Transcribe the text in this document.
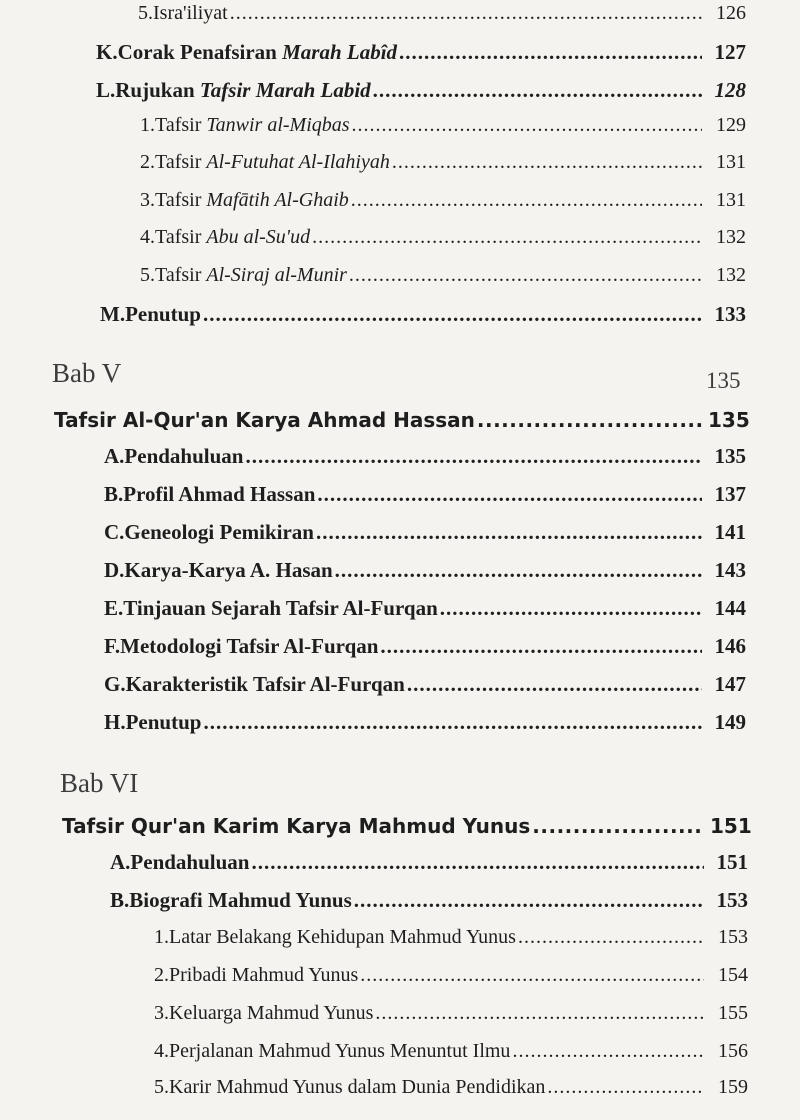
5. Isra'iliyat .....	126
K. Corak Penafsiran Marah Labîd .....	127
L. Rujukan Tafsir Marah Labid .....	128
1. Tafsir Tanwir al-Miqbas .....	129
2. Tafsir Al-Futuhat Al-Ilahiyah .....	131
3. Tafsir Mafātih Al-Ghaib .....	131
4. Tafsir Abu al-Su'ud .....	132
5. Tafsir Al-Siraj al-Munir .....	132
M. Penutup .....	133
Bab V	135
Tafsir Al-Qur'an Karya Ahmad Hassan .....	135
A. Pendahuluan .....	135
B. Profil Ahmad Hassan .....	137
C. Geneologi Pemikiran .....	141
D. Karya-Karya A. Hasan .....	143
E. Tinjauan Sejarah Tafsir Al-Furqan .....	144
F. Metodologi Tafsir Al-Furqan .....	146
G. Karakteristik Tafsir Al-Furqan .....	147
H. Penutup .....	149
Bab VI
Tafsir Qur'an Karim Karya Mahmud Yunus .....	151
A. Pendahuluan .....	151
B. Biografi Mahmud Yunus .....	153
1. Latar Belakang Kehidupan Mahmud Yunus .....	153
2. Pribadi Mahmud Yunus .....	154
3. Keluarga Mahmud Yunus .....	155
4. Perjalanan Mahmud Yunus Menuntut Ilmu .....	156
5. Karir Mahmud Yunus dalam Dunia Pendidikan .....	159
